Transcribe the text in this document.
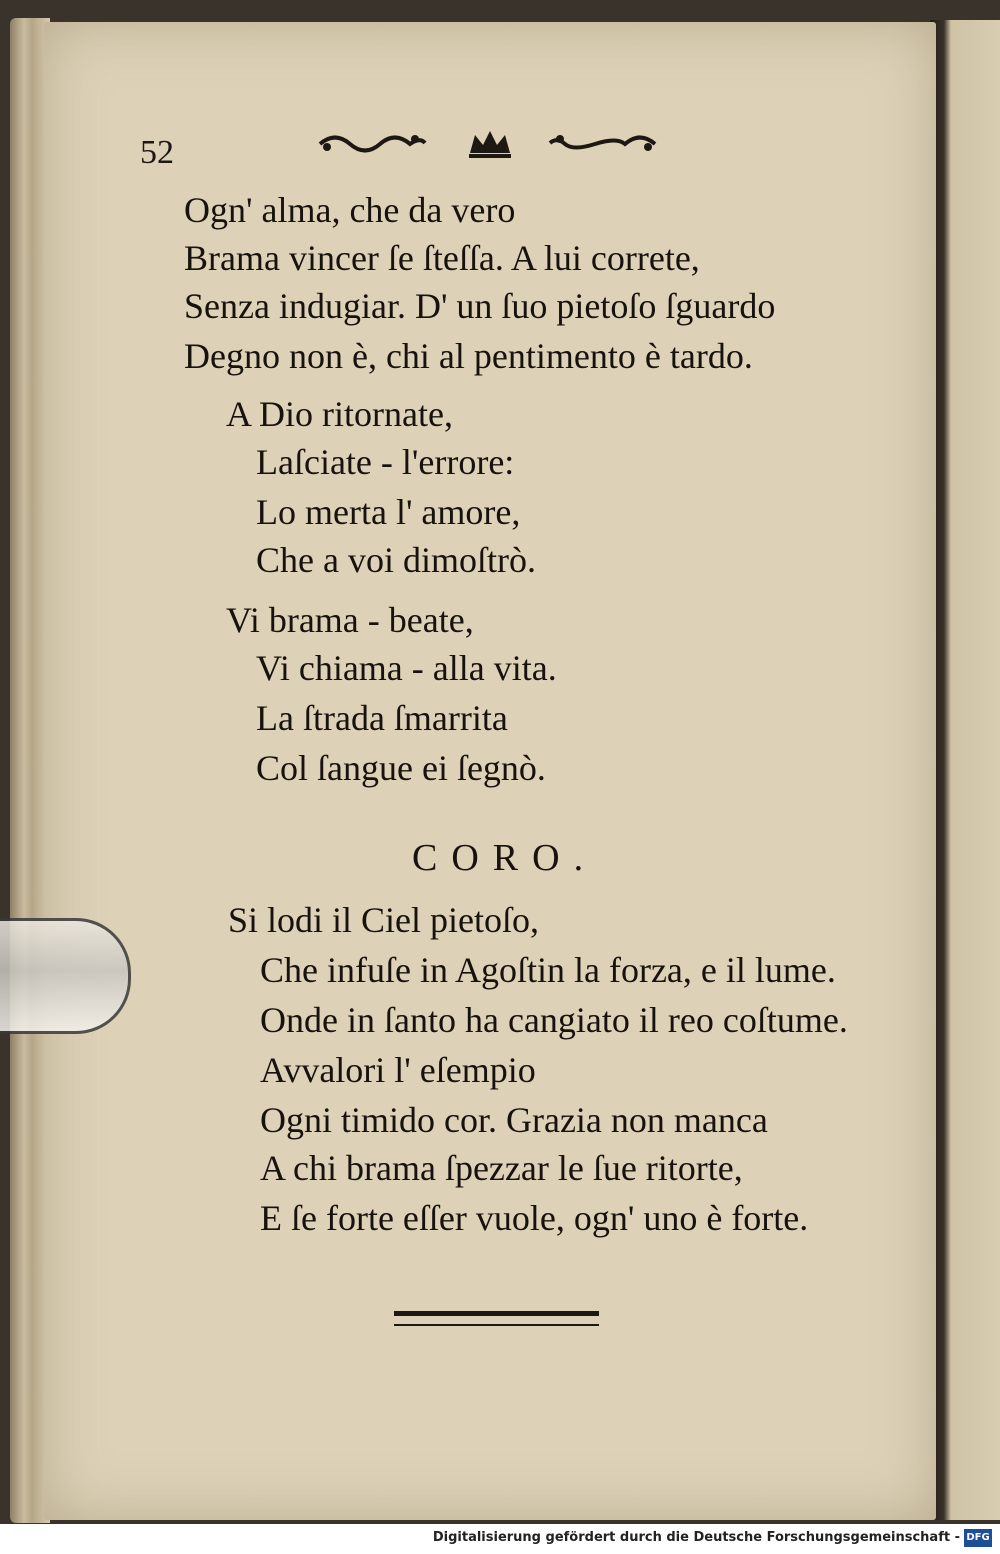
52
Ogn' alma, che da vero
Brama vincer ſe ſteſſa. A lui correte,
Senza indugiar. D' un ſuo pietoſo ſguardo
Degno non è, chi al pentimento è tardo.
A Dio ritornate,
Laſciate - l'errore:
Lo merta l' amore,
Che a voi dimoſtrò.
Vi brama - beate,
Vi chiama - alla vita.
La ſtrada ſmarrita
Col ſangue ei ſegnò.
CORO.
Si lodi il Ciel pietoſo,
Che infuſe in Agoſtin la forza, e il lume.
Onde in ſanto ha cangiato il reo coſtume.
Avvalori l' eſempio
Ogni timido cor. Grazia non manca
A chi brama ſpezzar le ſue ritorte,
E ſe forte eſſer vuole, ogn' uno è forte.
Digitalisierung gefördert durch die Deutsche Forschungsgemeinschaft - DFG
